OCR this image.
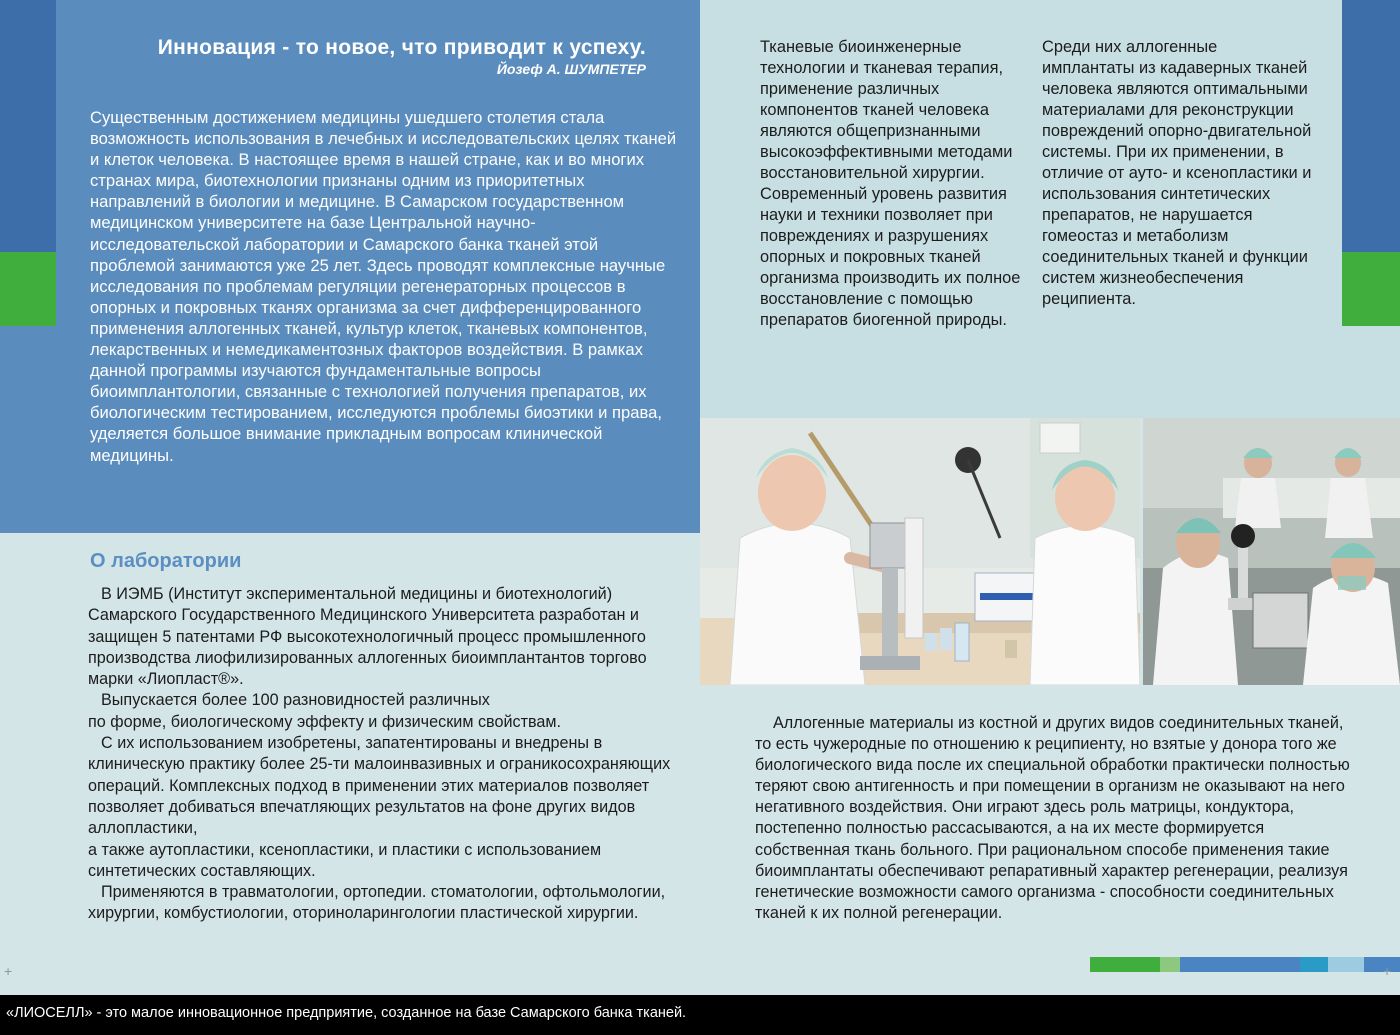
Инновация - то новое, что приводит к успеху.
Йозеф А. ШУМПЕТЕР

Существенным достижением медицины ушедшего столетия стала возможность использования в лечебных и исследовательских целях тканей и клеток человека. В настоящее время в нашей стране, как и во многих странах мира, биотехнологии признаны одним из приоритетных направлений в биологии и медицине. В Самарском государственном медицинском университете на базе Центральной научно-исследовательской лаборатории и Самарского банка тканей этой проблемой занимаются уже 25 лет. Здесь проводят комплексные научные исследования по проблемам регуляции регенераторных процессов в опорных и покровных тканях организма за счет дифференцированного применения аллогенных тканей, культур клеток, тканевых компонентов, лекарственных и немедикаментозных факторов воздействия. В рамках данной программы изучаются фундаментальные вопросы биоимплантологии, связанные с технологией получения препаратов, их биологическим тестированием, исследуются проблемы биоэтики и права, уделяется большое внимание прикладным вопросам клинической медицины.

Тканевые биоинженерные технологии и тканевая терапия, применение различных компонентов тканей человека являются общепризнанными высокоэффективными методами восстановительной хирургии. Современный уровень развития науки и техники позволяет при повреждениях и разрушениях опорных и покровных тканей организма производить их полное восстановление с помощью препаратов биогенной природы.

Среди них аллогенные имплантаты из кадаверных тканей человека являются оптимальными материалами для реконструкции повреждений опорно-двигательной системы. При их применении, в отличие от ауто- и ксенопластики и использования синтетических препаратов, не нарушается гомеостаз и метаболизм соединительных тканей и функции систем жизнеобеспечения реципиента.

О лаборатории

В ИЭМБ (Институт экспериментальной медицины и биотехнологий) Самарского Государственного Медицинского Университета разработан и защищен 5 патентами РФ высокотехнологичный процесс промышленного производства лиофилизированных аллогенных биоимплантантов торгово марки «Лиопласт®».

Выпускается более 100 разновидностей различных

по форме, биологическому эффекту и физическим свойствам.

С их использованием изобретены, запатентированы и внедрены в клиническую практику более 25-ти малоинвазивных и ограникосохраняющих операций. Комплексных подход в применении этих материалов позволяет позволяет добиваться впечатляющих результатов на фоне других видов аллопластики,

а также аутопластики, ксенопластики, и пластики с использованием синтетических составляющих.

Применяются в травматологии, ортопедии. стоматологии, офтольмологии, хирургии, комбустиологии, оториноларингологии пластической хирургии.

Аллогенные материалы из костной и других видов соединительных тканей, то есть чужеродные по отношению к реципиенту, но взятые у донора того же биологического вида после их специальной обработки практически полностью теряют свою антигенность и при помещении в организм не оказывают на него негативного воздействия. Они играют здесь роль матрицы, кондуктора, постепенно полностью рассасываются, а на их месте формируется собственная ткань больного. При рациональном способе применения такие биоимплантаты обеспечивают репаративный характер регенерации, реализуя генетические возможности самого организма - способности соединительных тканей к их полной регенерации.

+	+
«ЛИОСЕЛЛ» - это малое инновационное предприятие, созданное на базе Самарского банка тканей.
